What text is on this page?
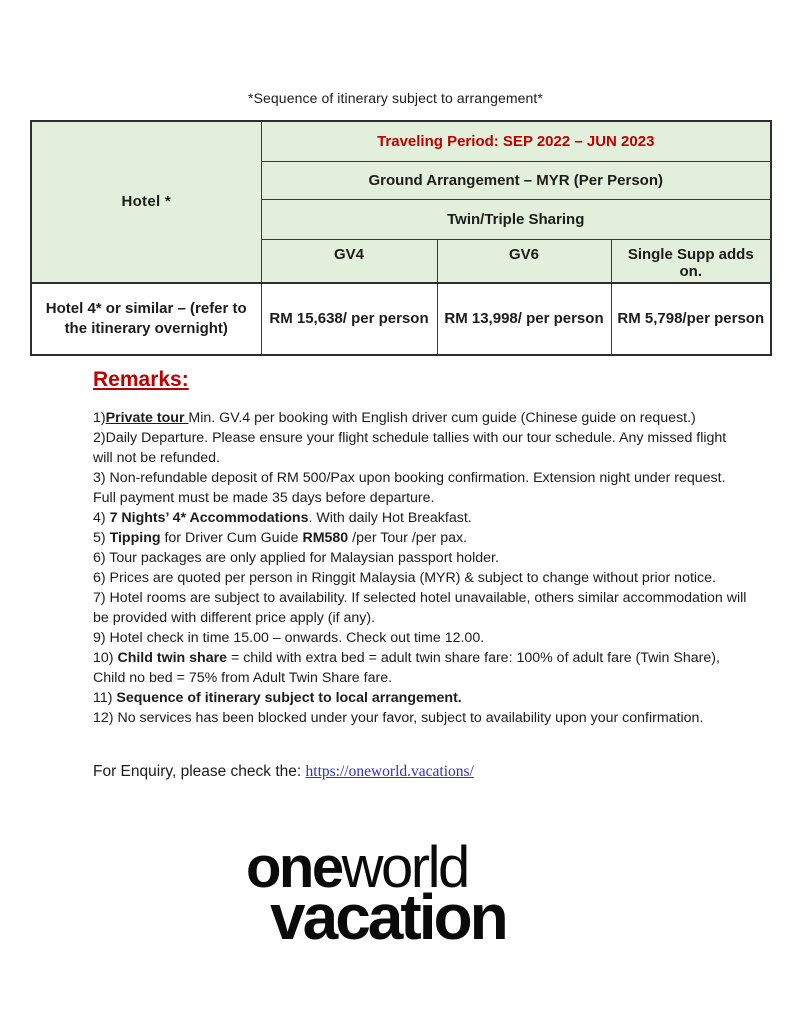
*Sequence of itinerary subject to arrangement*
Hotel *	Traveling Period: SEP 2022 – JUN 2023		
	Ground Arrangement – MYR (Per Person)		
	Twin/Triple Sharing		
	GV4	GV6	Single Supp adds on.
Hotel 4* or similar – (refer to the itinerary overnight)	RM 15,638/ per person	RM 13,998/ per person	RM 5,798/per person
Remarks:

1)Private tour Min. GV.4 per booking with English driver cum guide (Chinese guide on request.)

2)Daily Departure. Please ensure your flight schedule tallies with our tour schedule. Any missed flight will not be refunded.

3) Non-refundable deposit of RM 500/Pax upon booking confirmation. Extension night under request. Full payment must be made 35 days before departure.

4) 7 Nights’ 4* Accommodations. With daily Hot Breakfast.

5) Tipping for Driver Cum Guide RM580 /per Tour /per pax.

6) Tour packages are only applied for Malaysian passport holder.

6) Prices are quoted per person in Ringgit Malaysia (MYR) & subject to change without prior notice.

7) Hotel rooms are subject to availability. If selected hotel unavailable, others similar accommodation will be provided with different price apply (if any).

9) Hotel check in time 15.00 – onwards. Check out time 12.00.

10) Child twin share = child with extra bed = adult twin share fare: 100% of adult fare (Twin Share), Child no bed = 75% from Adult Twin Share fare.

11) Sequence of itinerary subject to local arrangement.

12) No services has been blocked under your favor, subject to availability upon your confirmation.

For Enquiry, please check the: https://oneworld.vacations/

oneworld
vacation
